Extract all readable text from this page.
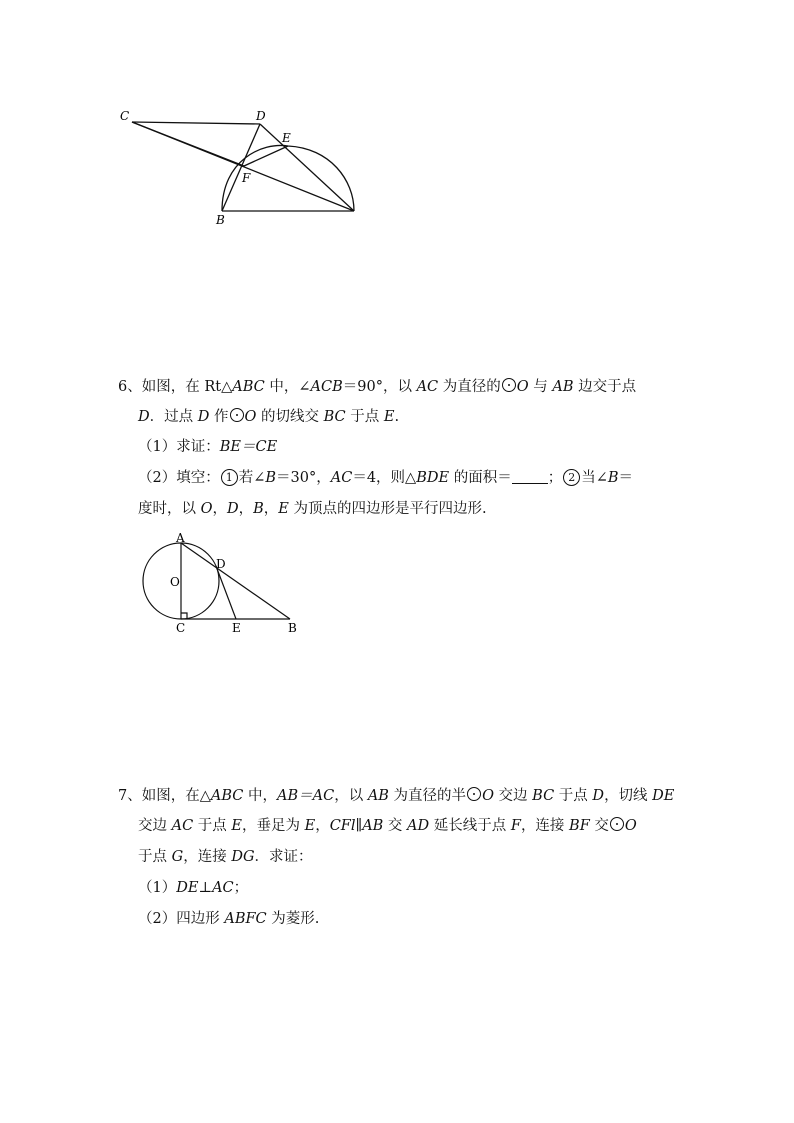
C	D
E
F
B
6、如图，在 Rt△ABC 中，∠ACB＝90°，以 AC 为直径的 O 与 AB 边交于点
D．过点 D 作 O 的切线交 BC 于点 E.
（1）求证：BE＝CE
（2）填空： 1 若∠B＝30°，AC＝4，则△BDE 的面积＝ ； 2 当∠B＝
度时，以 O，D，B，E 为顶点的四边形是平行四边形.
A
D
O
C	E	B
7、如图，在△ABC 中，AB＝AC，以 AB 为直径的半 O 交边 BC 于点 D，切线 DE
交边 AC 于点 E，垂足为 E，CFl∥AB 交 AD 延长线于点 F，连接 BF 交 O
于点 G，连接 DG．求证：
（1）DE⊥AC；
（2）四边形 ABFC 为菱形.
